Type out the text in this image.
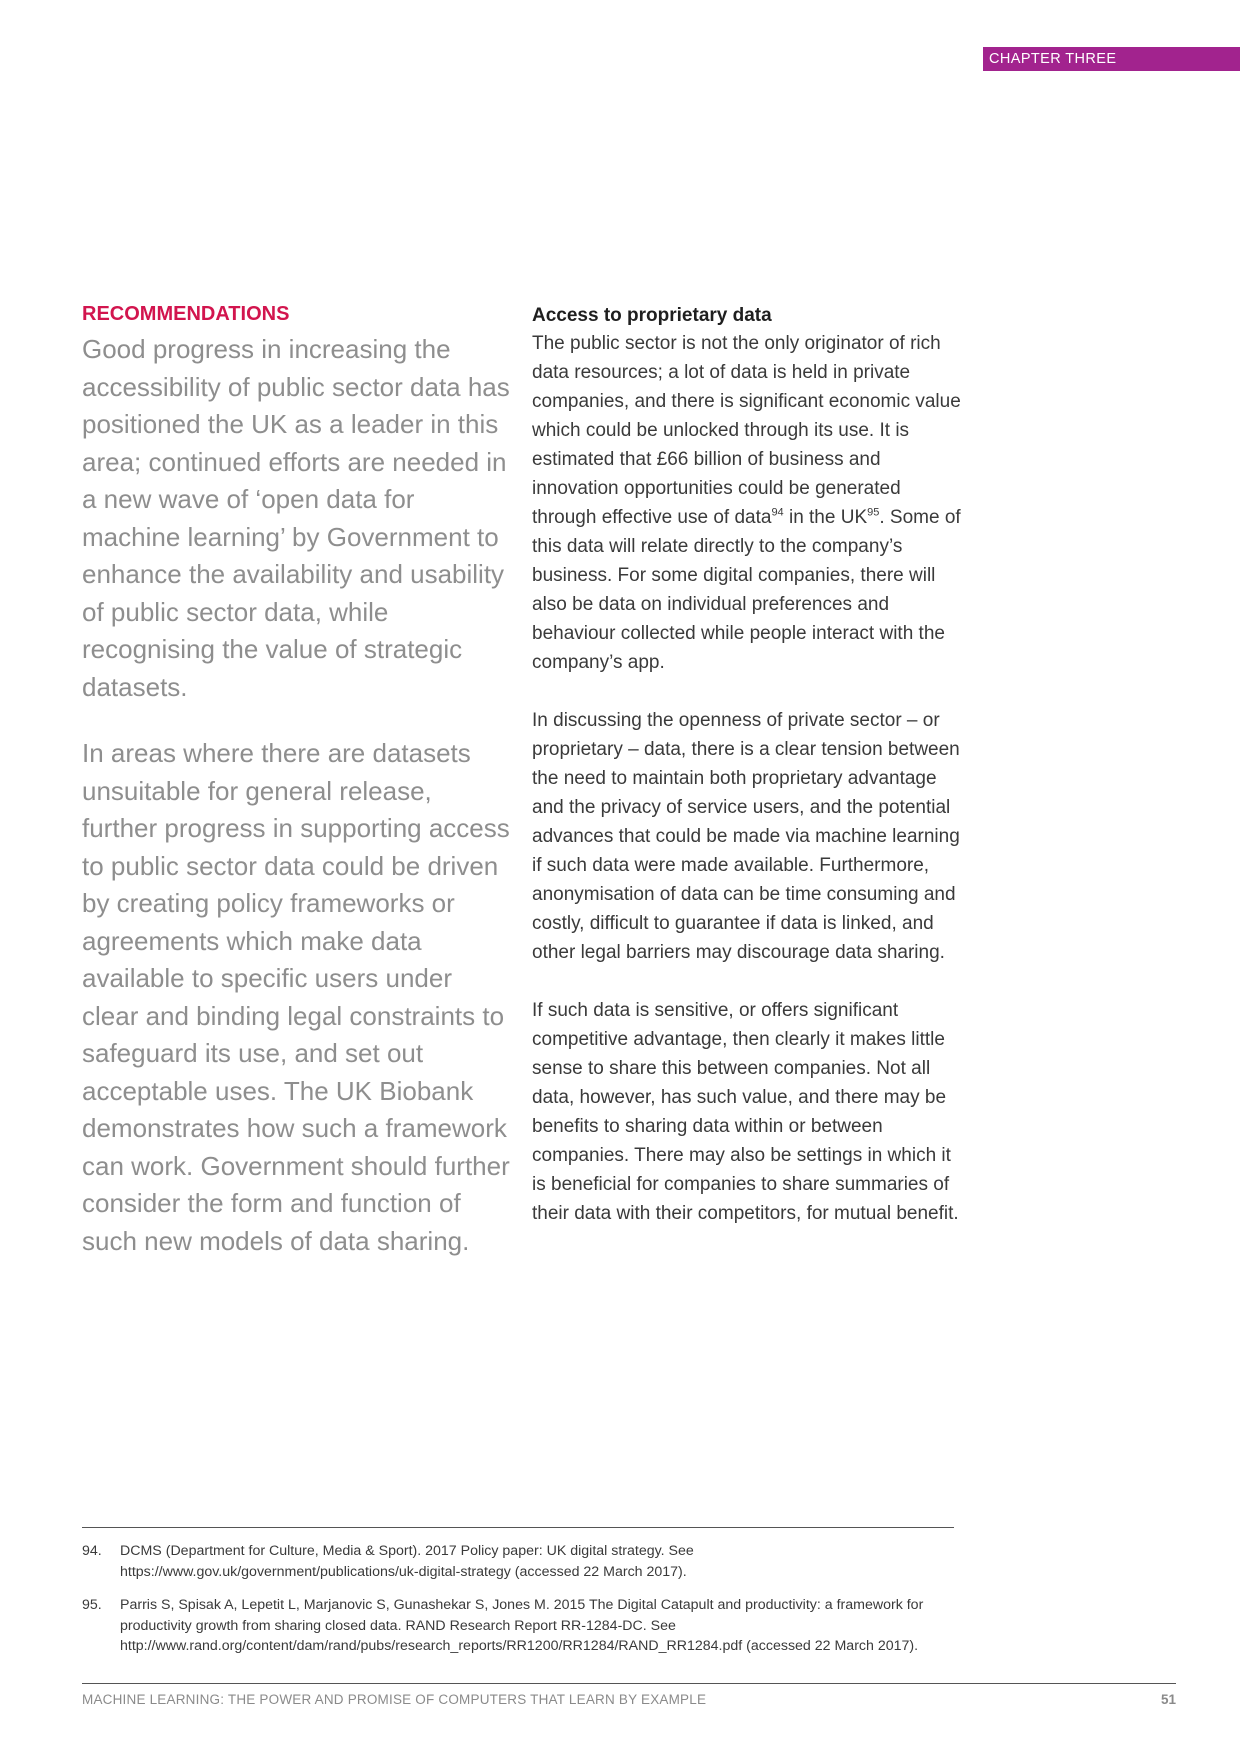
CHAPTER THREE
RECOMMENDATIONS

Good progress in increasing the accessibility of public sector data has positioned the UK as a leader in this area; continued efforts are needed in a new wave of ‘open data for machine learning’ by Government to enhance the availability and usability of public sector data, while recognising the value of strategic datasets.

In areas where there are datasets unsuitable for general release, further progress in supporting access to public sector data could be driven by creating policy frameworks or agreements which make data available to specific users under clear and binding legal constraints to safeguard its use, and set out acceptable uses. The UK Biobank demonstrates how such a framework can work. Government should further consider the form and function of such new models of data sharing.

Access to proprietary data

The public sector is not the only originator of rich data resources; a lot of data is held in private companies, and there is significant economic value which could be unlocked through its use. It is estimated that £66 billion of business and innovation opportunities could be generated through effective use of data$^{94}$ in the UK$^{95}$. Some of this data will relate directly to the company’s business. For some digital companies, there will also be data on individual preferences and behaviour collected while people interact with the company’s app.

In discussing the openness of private sector – or proprietary – data, there is a clear tension between the need to maintain both proprietary advantage and the privacy of service users, and the potential advances that could be made via machine learning if such data were made available. Furthermore, anonymisation of data can be time consuming and costly, difficult to guarantee if data is linked, and other legal barriers may discourage data sharing.

If such data is sensitive, or offers significant competitive advantage, then clearly it makes little sense to share this between companies. Not all data, however, has such value, and there may be benefits to sharing data within or between companies. There may also be settings in which it is beneficial for companies to share summaries of their data with their competitors, for mutual benefit.

94.	DCMS (Department for Culture, Media & Sport). 2017 Policy paper: UK digital strategy. See https://www.gov.uk/government/publications/uk-digital-strategy (accessed 22 March 2017).
95.	Parris S, Spisak A, Lepetit L, Marjanovic S, Gunashekar S, Jones M. 2015 The Digital Catapult and productivity: a framework for productivity growth from sharing closed data. RAND Research Report RR-1284-DC. See http://www.rand.org/content/dam/rand/pubs/research_reports/RR1200/RR1284/RAND_RR1284.pdf (accessed 22 March 2017).
MACHINE LEARNING: THE POWER AND PROMISE OF COMPUTERS THAT LEARN BY EXAMPLE	51
